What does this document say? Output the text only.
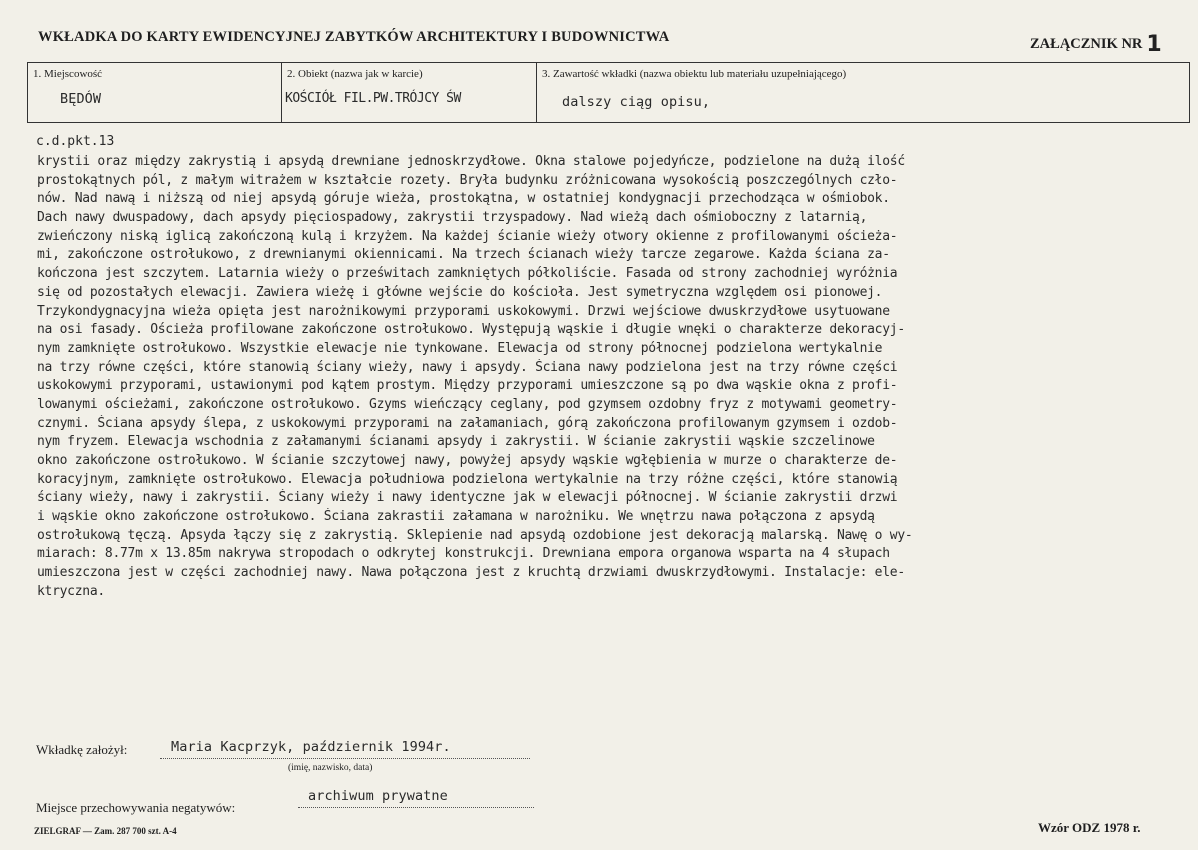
WKŁADKA DO KARTY EWIDENCYJNEJ ZABYTKÓW ARCHITEKTURY I BUDOWNICTWA	ZAŁĄCZNIK NR 1
1. Miejscowość
BĘDÓW
2. Obiekt (nazwa jak w karcie)
KOŚCIÓŁ FIL.PW.TRÓJCY ŚW
3. Zawartość wkładki (nazwa obiektu lub materiału uzupełniającego)
dalszy ciąg opisu,
c.d.pkt.13
krystii oraz między zakrystią i apsydą drewniane jednoskrzydłowe. Okna stalowe pojedyńcze, podzielone na dużą ilość
prostokątnych pól, z małym witrażem w kształcie rozety. Bryła budynku zróżnicowana wysokością poszczególnych czło-
nów. Nad nawą i niższą od niej apsydą góruje wieża, prostokątna, w ostatniej kondygnacji przechodząca w ośmiobok.
Dach nawy dwuspadowy, dach apsydy pięciospadowy, zakrystii trzyspadowy. Nad wieżą dach ośmioboczny z latarnią,
zwieńczony niską iglicą zakończoną kulą i krzyżem. Na każdej ścianie wieży otwory okienne z profilowanymi ościeża-
mi, zakończone ostrołukowo, z drewnianymi okiennicami. Na trzech ścianach wieży tarcze zegarowe. Każda ściana za-
kończona jest szczytem. Latarnia wieży o prześwitach zamkniętych półkoliście. Fasada od strony zachodniej wyróżnia
się od pozostałych elewacji. Zawiera wieżę i główne wejście do kościoła. Jest symetryczna względem osi pionowej.
Trzykondygnacyjna wieża opięta jest narożnikowymi przyporami uskokowymi. Drzwi wejściowe dwuskrzydłowe usytuowane
na osi fasady. Ościeża profilowane zakończone ostrołukowo. Występują wąskie i długie wnęki o charakterze dekoracyj-
nym zamknięte ostrołukowo. Wszystkie elewacje nie tynkowane. Elewacja od strony północnej podzielona wertykalnie
na trzy równe części, które stanowią ściany wieży, nawy i apsydy. Ściana nawy podzielona jest na trzy równe części
uskokowymi przyporami, ustawionymi pod kątem prostym. Między przyporami umieszczone są po dwa wąskie okna z profi-
lowanymi ościeżami, zakończone ostrołukowo. Gzyms wieńczący ceglany, pod gzymsem ozdobny fryz z motywami geometry-
cznymi. Ściana apsydy ślepa, z uskokowymi przyporami na załamaniach, górą zakończona profilowanym gzymsem i ozdob-
nym fryzem. Elewacja wschodnia z załamanymi ścianami apsydy i zakrystii. W ścianie zakrystii wąskie szczelinowe
okno zakończone ostrołukowo. W ścianie szczytowej nawy, powyżej apsydy wąskie wgłębienia w murze o charakterze de-
koracyjnym, zamknięte ostrołukowo. Elewacja południowa podzielona wertykalnie na trzy różne części, które stanowią
ściany wieży, nawy i zakrystii. Ściany wieży i nawy identyczne jak w elewacji północnej. W ścianie zakrystii drzwi
i wąskie okno zakończone ostrołukowo. Ściana zakrastii załamana w narożniku. We wnętrzu nawa połączona z apsydą
ostrołukową tęczą. Apsyda łączy się z zakrystią. Sklepienie nad apsydą ozdobione jest dekoracją malarską. Nawę o wy-
miarach: 8.77m x 13.85m nakrywa stropodach o odkrytej konstrukcji. Drewniana empora organowa wsparta na 4 słupach
umieszczona jest w części zachodniej nawy. Nawa połączona jest z kruchtą drzwiami dwuskrzydłowymi. Instalacje: ele-
ktryczna.
Wkładkę założył:	Maria Kacprzyk, październik 1994r.
(imię, nazwisko, data)
Miejsce przechowywania negatywów:
archiwum prywatne
ZIELGRAF — Zam. 287 700 szt. A-4	Wzór ODZ 1978 r.
